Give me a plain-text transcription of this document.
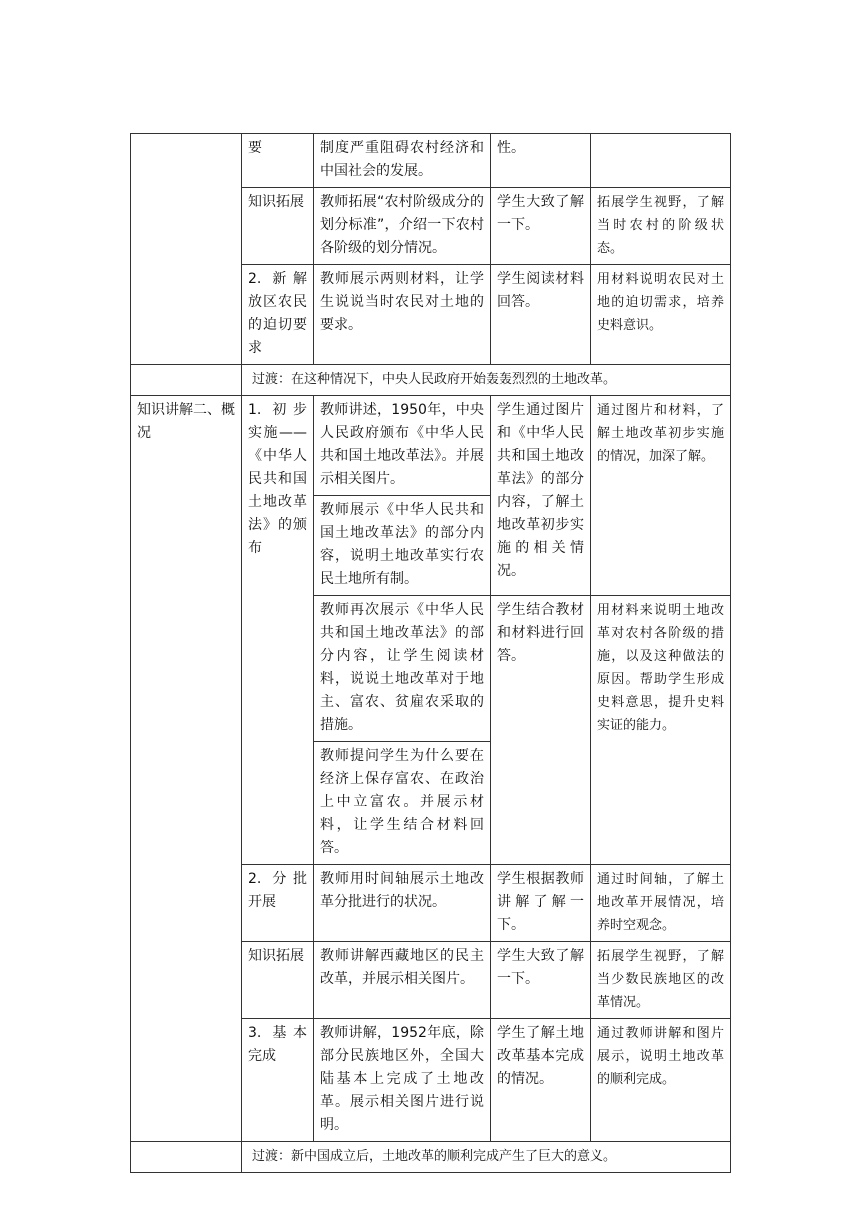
	要	制度严重阻碍农村经济和中国社会的发展。	性。	
	知识拓展	教师拓展“农村阶级成分的划分标准”，介绍一下农村各阶级的划分情况。	学生大致了解一下。	拓展学生视野，了解当时农村的阶级状态。
	2. 新解放区农民的迫切要求	教师展示两则材料，让学生说说当时农民对土地的要求。	学生阅读材料回答。	用材料说明农民对土地的迫切需求，培养史料意识。
	过渡：在这种情况下，中央人民政府开始轰轰烈烈的土地改革。			
知识讲解二、概况	1. 初步实施——《中华人民共和国土地改革法》的颁布	教师讲述，1950年，中央人民政府颁布《中华人民共和国土地改革法》。并展示相关图片。	学生通过图片和《中华人民共和国土地改革法》的部分内容，了解土地改革初步实施的相关情况。	通过图片和材料，了解土地改革初步实施的情况，加深了解。
		教师展示《中华人民共和国土地改革法》的部分内容，说明土地改革实行农民土地所有制。		
		教师再次展示《中华人民共和国土地改革法》的部分内容，让学生阅读材料，说说土地改革对于地主、富农、贫雇农采取的措施。	学生结合教材和材料进行回答。	用材料来说明土地改革对农村各阶级的措施，以及这种做法的原因。帮助学生形成史料意思，提升史料实证的能力。
		教师提问学生为什么要在经济上保存富农、在政治上中立富农。并展示材料，让学生结合材料回答。		
	2. 分批开展	教师用时间轴展示土地改革分批进行的状况。	学生根据教师讲解了解一下。	通过时间轴，了解土地改革开展情况，培养时空观念。
	知识拓展	教师讲解西藏地区的民主改革，并展示相关图片。	学生大致了解一下。	拓展学生视野，了解当少数民族地区的改革情况。
	3. 基本完成	教师讲解，1952年底，除部分民族地区外，全国大陆基本上完成了土地改革。展示相关图片进行说明。	学生了解土地改革基本完成的情况。	通过教师讲解和图片展示，说明土地改革的顺利完成。
	过渡：新中国成立后，土地改革的顺利完成产生了巨大的意义。			
